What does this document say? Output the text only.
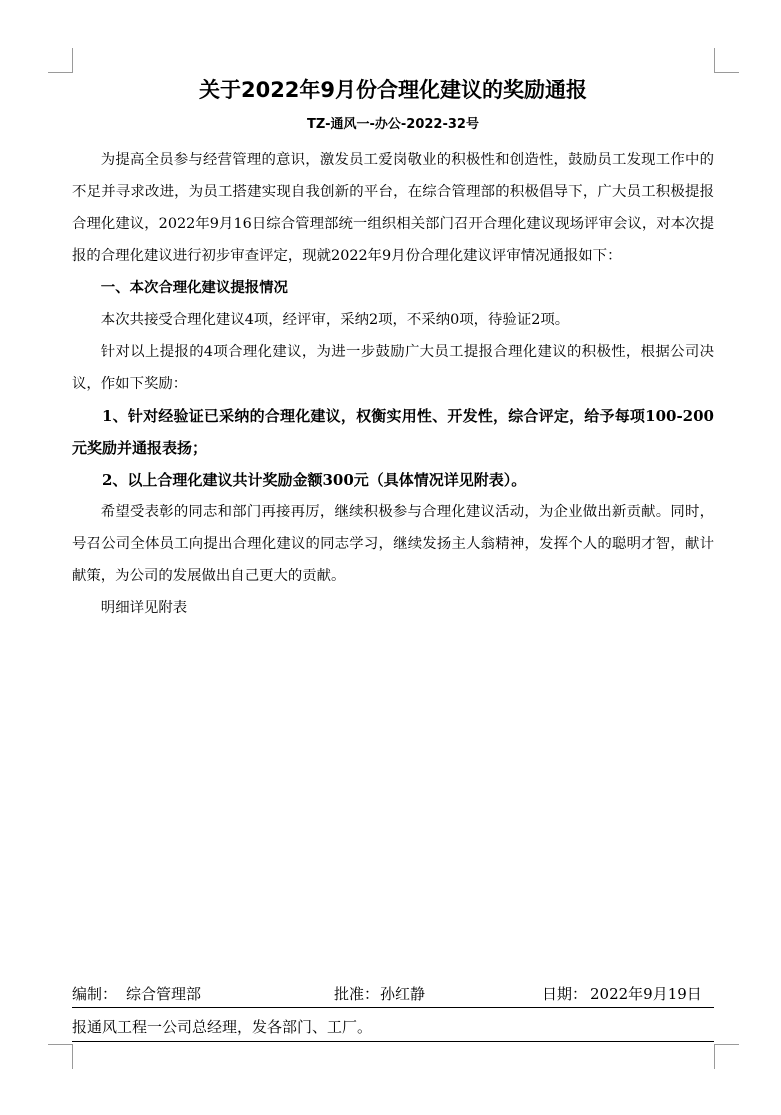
关于2022年9月份合理化建议的奖励通报
TZ-通风一-办公-2022-32号

为提高全员参与经营管理的意识，激发员工爱岗敬业的积极性和创造性，鼓励员工发现工作中的不足并寻求改进，为员工搭建实现自我创新的平台，在综合管理部的积极倡导下，广大员工积极提报合理化建议，2022年9月16日综合管理部统一组织相关部门召开合理化建议现场评审会议，对本次提报的合理化建议进行初步审查评定，现就2022年9月份合理化建议评审情况通报如下：

一、本次合理化建议提报情况

本次共接受合理化建议4项，经评审，采纳2项，不采纳0项，待验证2项。

针对以上提报的4项合理化建议，为进一步鼓励广大员工提报合理化建议的积极性，根据公司决议，作如下奖励：

1、针对经验证已采纳的合理化建议，权衡实用性、开发性，综合评定，给予每项100-200元奖励并通报表扬；

2、以上合理化建议共计奖励金额300元（具体情况详见附表）。

希望受表彰的同志和部门再接再厉，继续积极参与合理化建议活动，为企业做出新贡献。同时，号召公司全体员工向提出合理化建议的同志学习，继续发扬主人翁精神，发挥个人的聪明才智，献计献策，为公司的发展做出自己更大的贡献。

明细详见附表

编制： 综合管理部	批准： 孙红静	日期： 2022年9月19日
报通风工程一公司总经理，发各部门、工厂。
